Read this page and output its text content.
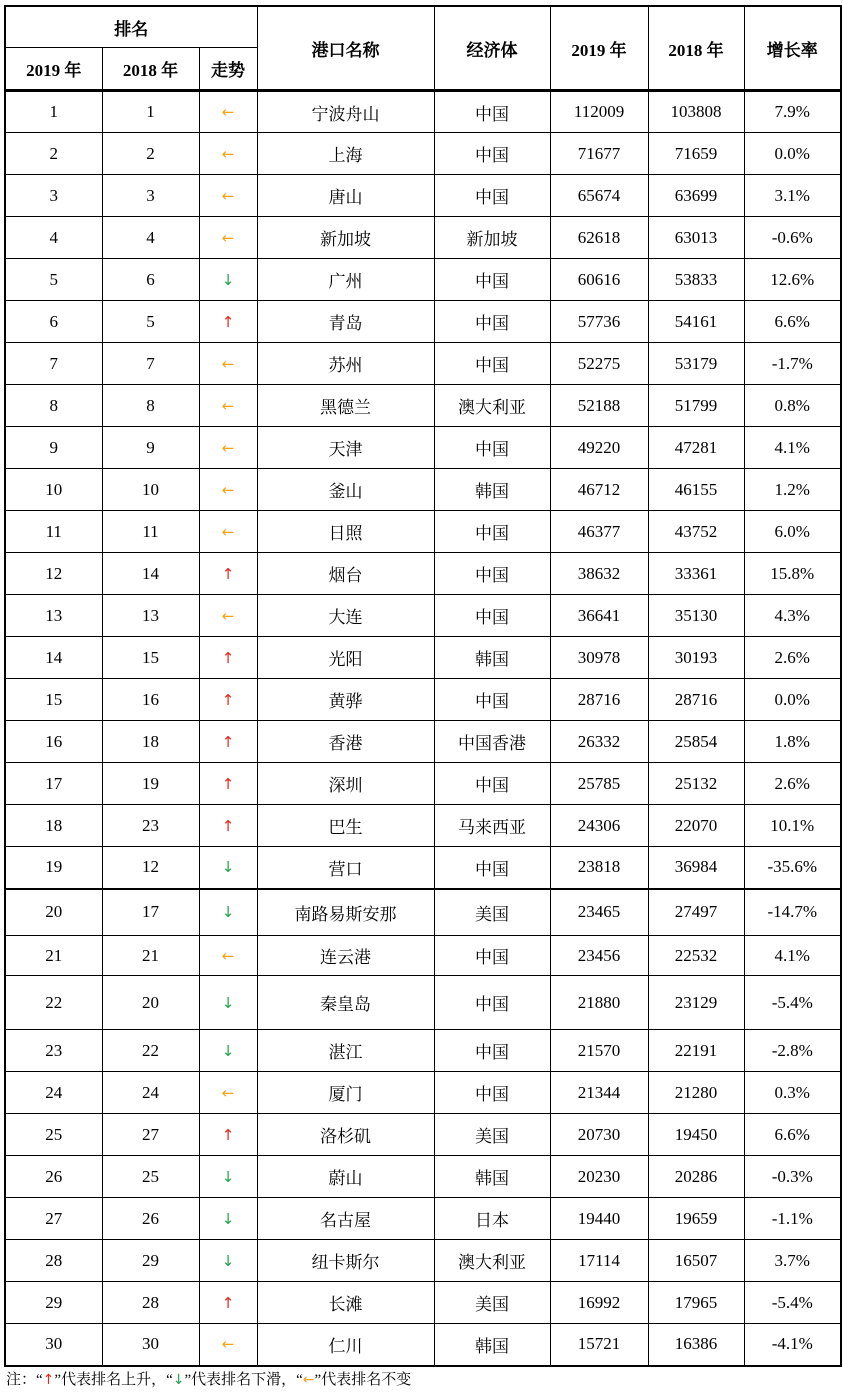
排名			港口名称	经济体	2019 年	2018 年	增长率
2019 年	2018 年	走势					
1	1	←	宁波舟山	中国	112009	103808	7.9%
2	2	←	上海	中国	71677	71659	0.0%
3	3	←	唐山	中国	65674	63699	3.1%
4	4	←	新加坡	新加坡	62618	63013	-0.6%
5	6	↓	广州	中国	60616	53833	12.6%
6	5	↑	青岛	中国	57736	54161	6.6%
7	7	←	苏州	中国	52275	53179	-1.7%
8	8	←	黑德兰	澳大利亚	52188	51799	0.8%
9	9	←	天津	中国	49220	47281	4.1%
10	10	←	釜山	韩国	46712	46155	1.2%
11	11	←	日照	中国	46377	43752	6.0%
12	14	↑	烟台	中国	38632	33361	15.8%
13	13	←	大连	中国	36641	35130	4.3%
14	15	↑	光阳	韩国	30978	30193	2.6%
15	16	↑	黄骅	中国	28716	28716	0.0%
16	18	↑	香港	中国香港	26332	25854	1.8%
17	19	↑	深圳	中国	25785	25132	2.6%
18	23	↑	巴生	马来西亚	24306	22070	10.1%
19	12	↓	营口	中国	23818	36984	-35.6%
20	17	↓	南路易斯安那	美国	23465	27497	-14.7%
21	21	←	连云港	中国	23456	22532	4.1%
22	20	↓	秦皇岛	中国	21880	23129	-5.4%
23	22	↓	湛江	中国	21570	22191	-2.8%
24	24	←	厦门	中国	21344	21280	0.3%
25	27	↑	洛杉矶	美国	20730	19450	6.6%
26	25	↓	蔚山	韩国	20230	20286	-0.3%
27	26	↓	名古屋	日本	19440	19659	-1.1%
28	29	↓	纽卡斯尔	澳大利亚	17114	16507	3.7%
29	28	↑	长滩	美国	16992	17965	-5.4%
30	30	←	仁川	韩国	15721	16386	-4.1%
注：“↑”代表排名上升，“↓”代表排名下滑，“←”代表排名不变
